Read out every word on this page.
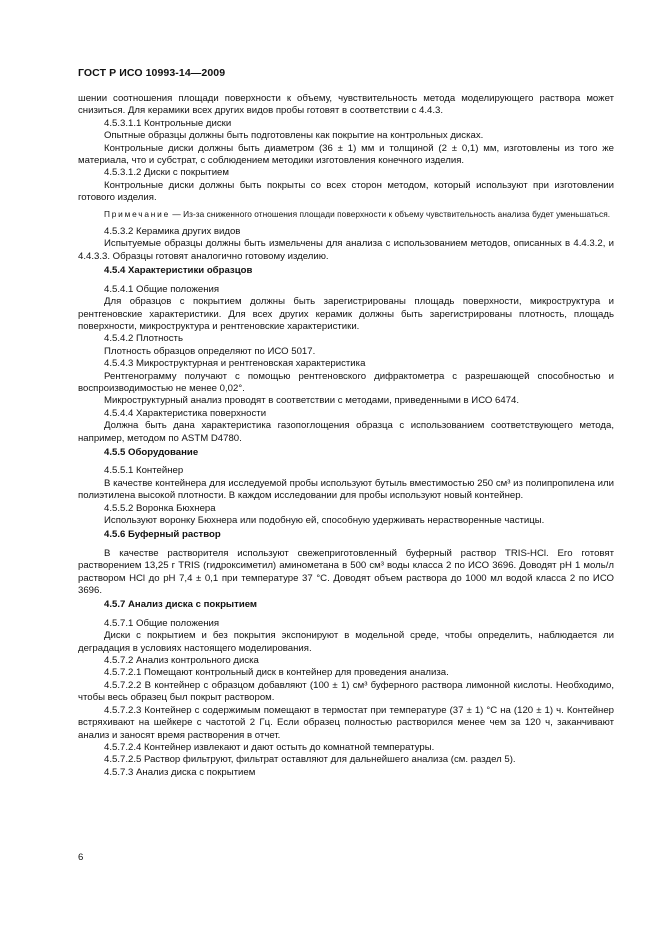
ГОСТ Р ИСО 10993-14—2009

шении соотношения площади поверхности к объему, чувствительность метода моделирующего раствора может снизиться. Для керамики всех других видов пробы готовят в соответствии с 4.4.3.

4.5.3.1.1 Контрольные диски

Опытные образцы должны быть подготовлены как покрытие на контрольных дисках.

Контрольные диски должны быть диаметром (36 ± 1) мм и толщиной (2 ± 0,1) мм, изготовлены из того же материала, что и субстрат, с соблюдением методики изготовления конечного изделия.

4.5.3.1.2 Диски с покрытием

Контрольные диски должны быть покрыты со всех сторон методом, который используют при изготовлении готового изделия.

Примечание — Из-за сниженного отношения площади поверхности к объему чувствительность анализа будет уменьшаться.

4.5.3.2 Керамика других видов

Испытуемые образцы должны быть измельчены для анализа с использованием методов, описанных в 4.4.3.2, и 4.4.3.3. Образцы готовят аналогично готовому изделию.

4.5.4 Характеристики образцов

4.5.4.1 Общие положения

Для образцов с покрытием должны быть зарегистрированы площадь поверхности, микроструктура и рентгеновские характеристики. Для всех других керамик должны быть зарегистрированы плотность, площадь поверхности, микроструктура и рентгеновские характеристики.

4.5.4.2 Плотность

Плотность образцов определяют по ИСО 5017.

4.5.4.3 Микроструктурная и рентгеновская характеристика

Рентгенограмму получают с помощью рентгеновского дифрактометра с разрешающей способностью и воспроизводимостью не менее 0,02°.

Микроструктурный анализ проводят в соответствии с методами, приведенными в ИСО 6474.

4.5.4.4 Характеристика поверхности

Должна быть дана характеристика газопоглощения образца с использованием соответствующего метода, например, методом по ASTM D4780.

4.5.5 Оборудование

4.5.5.1 Контейнер

В качестве контейнера для исследуемой пробы используют бутыль вместимостью 250 см³ из полипропилена или полиэтилена высокой плотности. В каждом исследовании для пробы используют новый контейнер.

4.5.5.2 Воронка Бюхнера

Используют воронку Бюхнера или подобную ей, способную удерживать нерастворенные частицы.

4.5.6 Буферный раствор

В качестве растворителя используют свежеприготовленный буферный раствор TRIS-HCl. Его готовят растворением 13,25 г TRIS (гидроксиметил) аминометана в 500 см³ воды класса 2 по ИСО 3696. Доводят pH 1 моль/л раствором HCl до pH 7,4 ± 0,1 при температуре 37 °С. Доводят объем раствора до 1000 мл водой класса 2 по ИСО 3696.

4.5.7 Анализ диска с покрытием

4.5.7.1 Общие положения

Диски с покрытием и без покрытия экспонируют в модельной среде, чтобы определить, наблюдается ли деградация в условиях настоящего моделирования.

4.5.7.2 Анализ контрольного диска

4.5.7.2.1 Помещают контрольный диск в контейнер для проведения анализа.

4.5.7.2.2 В контейнер с образцом добавляют (100 ± 1) см³ буферного раствора лимонной кислоты. Необходимо, чтобы весь образец был покрыт раствором.

4.5.7.2.3 Контейнер с содержимым помещают в термостат при температуре (37 ± 1) °С на (120 ± 1) ч. Контейнер встряхивают на шейкере с частотой 2 Гц. Если образец полностью растворился менее чем за 120 ч, заканчивают анализ и заносят время растворения в отчет.

4.5.7.2.4 Контейнер извлекают и дают остыть до комнатной температуры.

4.5.7.2.5 Раствор фильтруют, фильтрат оставляют для дальнейшего анализа (см. раздел 5).

4.5.7.3 Анализ диска с покрытием

6
